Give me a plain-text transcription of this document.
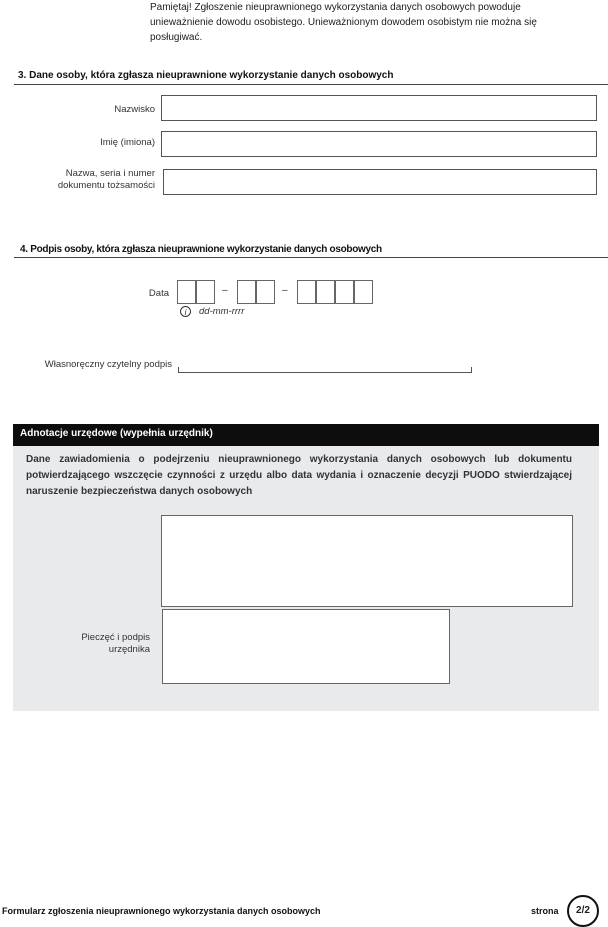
Pamiętaj! Zgłoszenie nieuprawnionego wykorzystania danych osobowych powoduje unieważnienie dowodu osobistego. Unieważnionym dowodem osobistym nie można się posługiwać.
3. Dane osoby, która zgłasza nieuprawnione wykorzystanie danych osobowych
Nazwisko
Imię (imiona)
Nazwa, seria i numer dokumentu tożsamości
4. Podpis osoby, która zgłasza nieuprawnione wykorzystanie danych osobowych
Data	–	–
i	dd-mm-rrrr
Własnoręczny czytelny podpis
Adnotacje urzędowe (wypełnia urzędnik)
Dane zawiadomienia o podejrzeniu nieuprawnionego wykorzystania danych osobowych lub dokumentu potwierdzającego wszczęcie czynności z urzędu albo data wydania i oznaczenie decyzji PUODO stwierdzającej naruszenie bezpieczeństwa danych osobowych
Pieczęć i podpis urzędnika
Formularz zgłoszenia nieuprawnionego wykorzystania danych osobowych	strona	2/2
